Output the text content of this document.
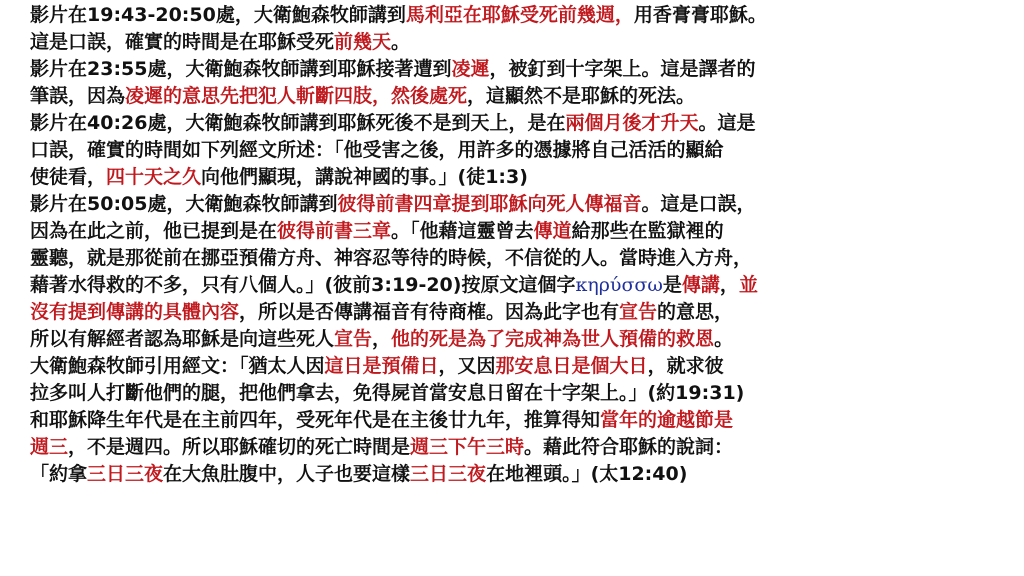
影片在19:43-20:50處，大衛鮑森牧師講到馬利亞在耶穌受死前幾週，用香膏膏耶穌。
這是口誤，確實的時間是在耶穌受死前幾天。
影片在23:55處，大衛鮑森牧師講到耶穌接著遭到凌遲，被釘到十字架上。這是譯者的
筆誤，因為凌遲的意思先把犯人斬斷四肢，然後處死，這顯然不是耶穌的死法。
影片在40:26處，大衛鮑森牧師講到耶穌死後不是到天上，是在兩個月後才升天。這是
口誤，確實的時間如下列經文所述：「他受害之後，用許多的憑據將自己活活的顯給
使徒看，四十天之久向他們顯現，講說神國的事。」(徒1:3)
影片在50:05處，大衛鮑森牧師講到彼得前書四章提到耶穌向死人傳福音。這是口誤，
因為在此之前，他已提到是在彼得前書三章。「他藉這靈曾去傳道給那些在監獄裡的
靈聽，就是那從前在挪亞預備方舟、神容忍等待的時候，不信從的人。當時進入方舟，
藉著水得救的不多，只有八個人。」(彼前3:19-20)按原文這個字κηρύσσω是傳講，並
沒有提到傳講的具體內容，所以是否傳講福音有待商榷。因為此字也有宣告的意思，
所以有解經者認為耶穌是向這些死人宣告，他的死是為了完成神為世人預備的救恩。
大衛鮑森牧師引用經文：「猶太人因這日是預備日，又因那安息日是個大日，就求彼
拉多叫人打斷他們的腿，把他們拿去，免得屍首當安息日留在十字架上。」(約19:31)
和耶穌降生年代是在主前四年，受死年代是在主後廿九年，推算得知當年的逾越節是
週三，不是週四。所以耶穌確切的死亡時間是週三下午三時。藉此符合耶穌的說詞：
「約拿三日三夜在大魚肚腹中，人子也要這樣三日三夜在地裡頭。」(太12:40)
